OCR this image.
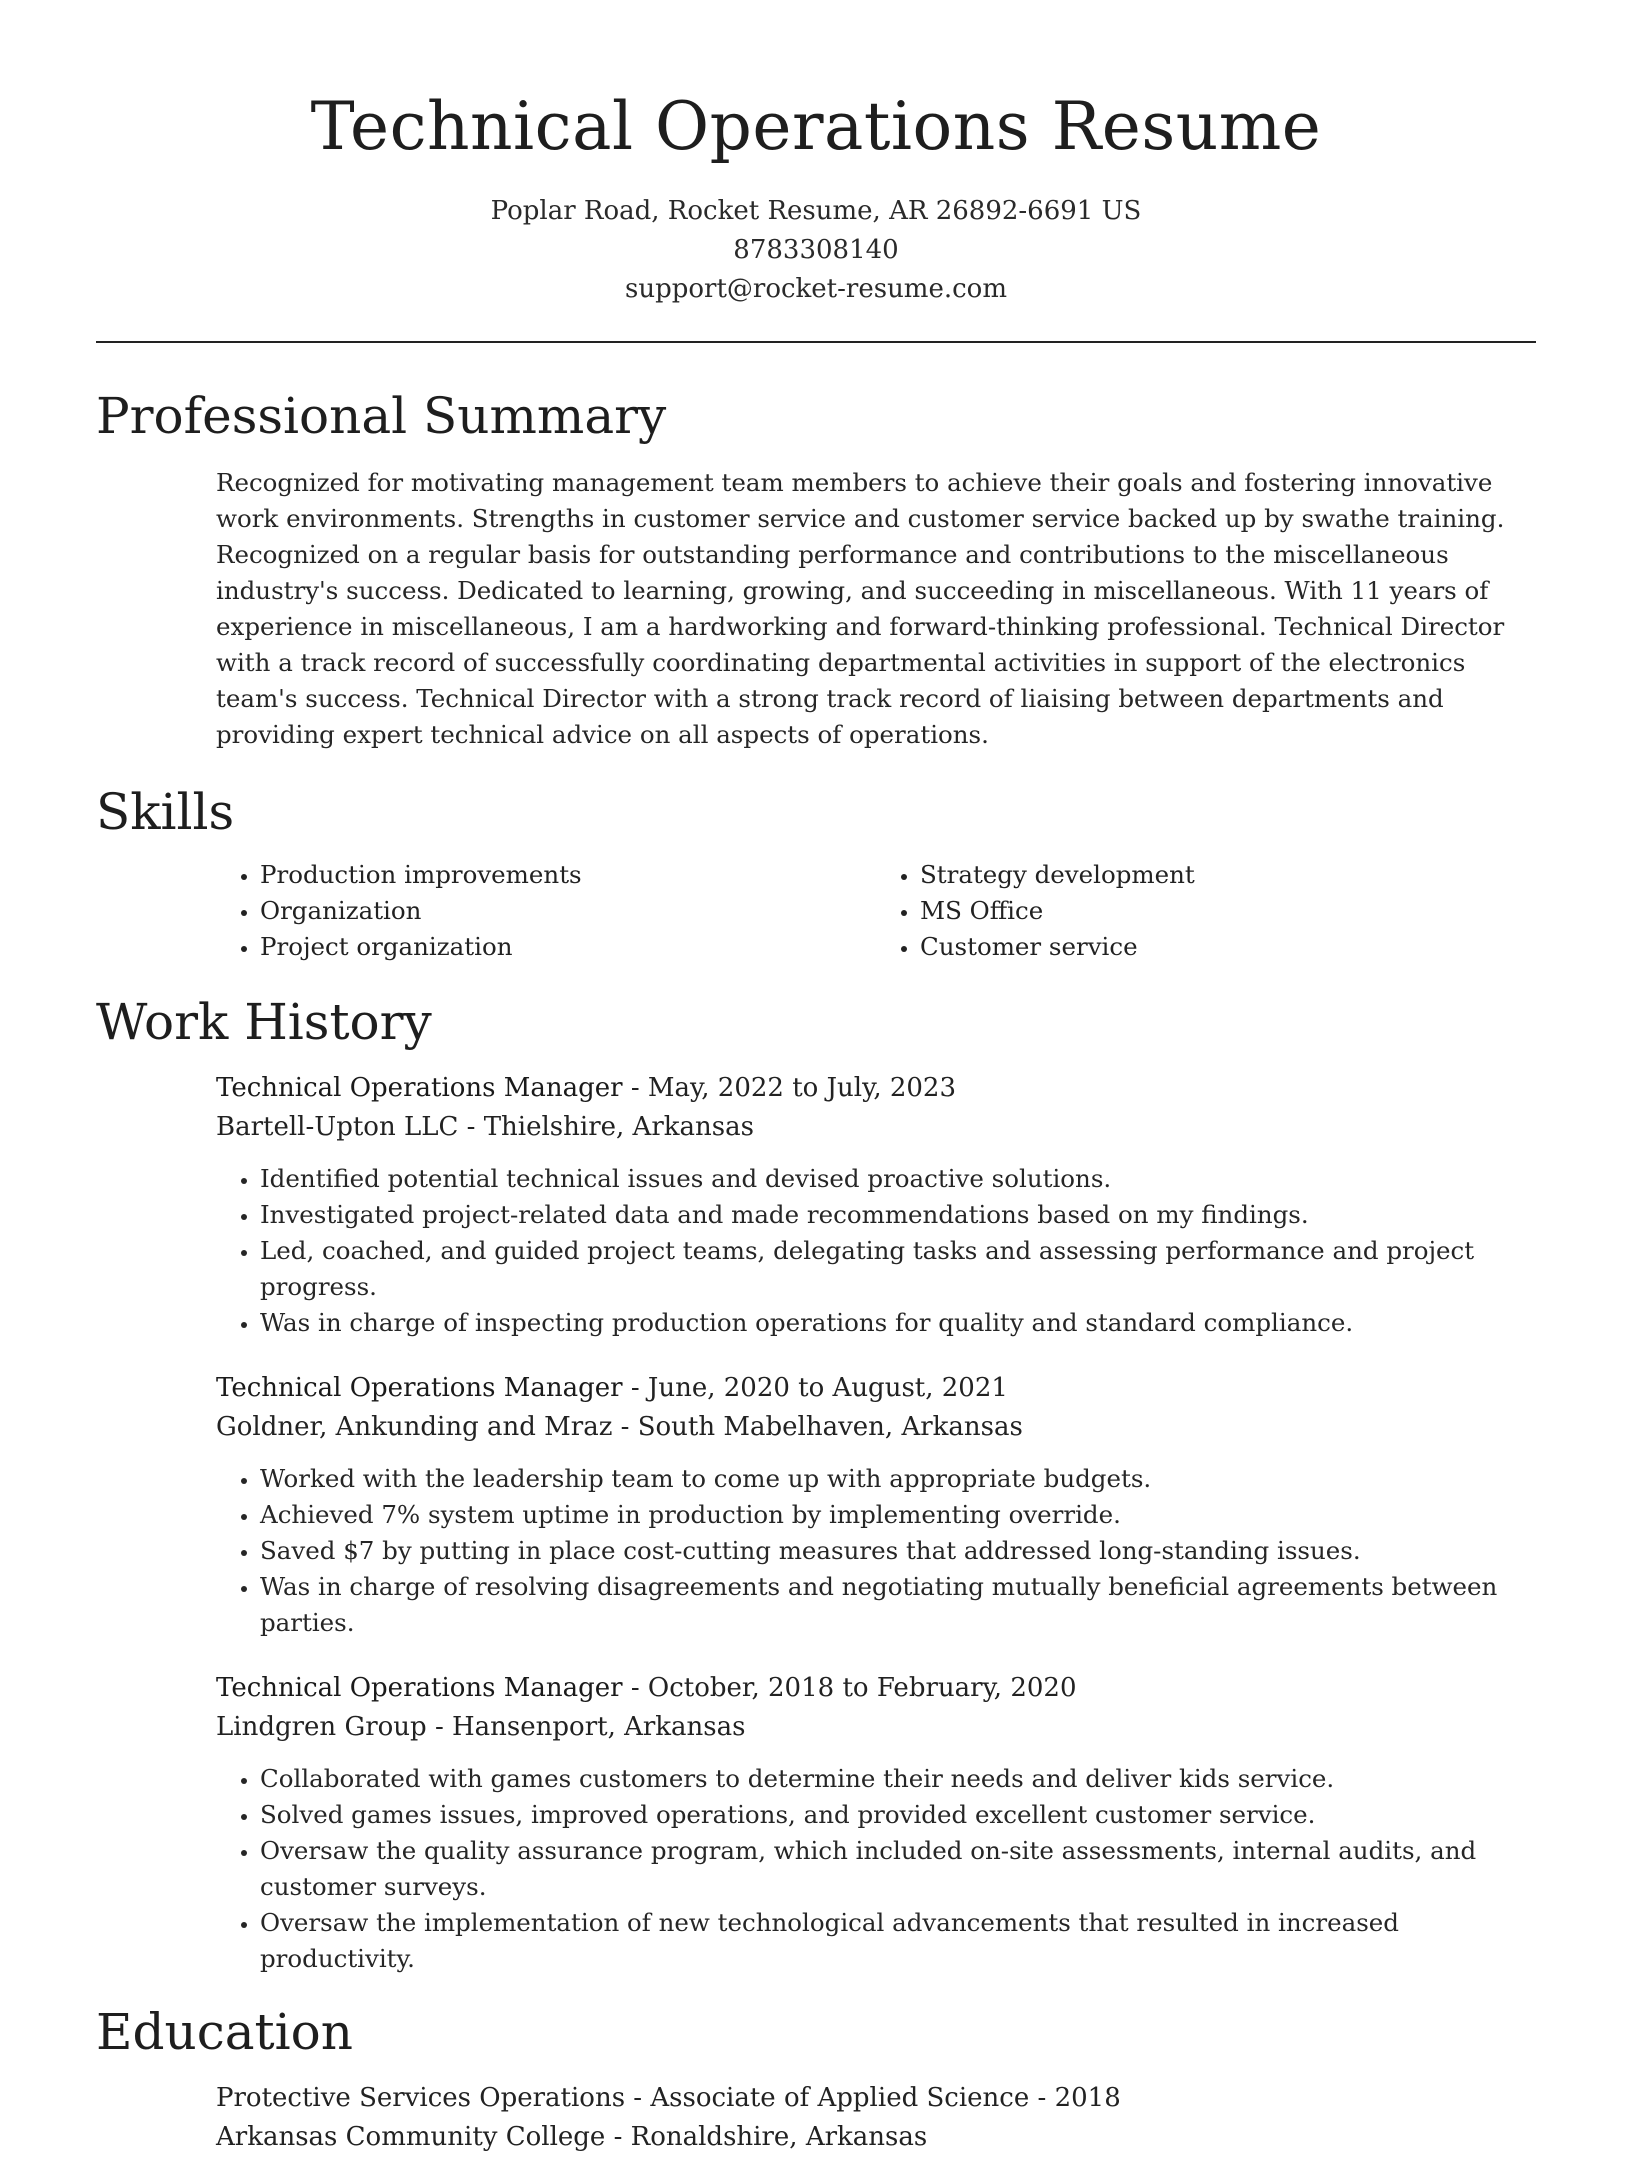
Technical Operations Resume
Poplar Road, Rocket Resume, AR 26892-6691 US
8783308140
support@rocket-resume.com
Professional Summary
Recognized for motivating management team members to achieve their goals and fostering innovative work environments. Strengths in customer service and customer service backed up by swathe training. Recognized on a regular basis for outstanding performance and contributions to the miscellaneous industry's success. Dedicated to learning, growing, and succeeding in miscellaneous. With 11 years of experience in miscellaneous, I am a hardworking and forward-thinking professional. Technical Director with a track record of successfully coordinating departmental activities in support of the electronics team's success. Technical Director with a strong track record of liaising between departments and providing expert technical advice on all aspects of operations.
Skills
• Production improvements
• Organization
• Project organization
• Strategy development
• MS Office
• Customer service
Work History
Technical Operations Manager - May, 2022 to July, 2023
Bartell-Upton LLC - Thielshire, Arkansas
• Identified potential technical issues and devised proactive solutions.
• Investigated project-related data and made recommendations based on my findings.
• Led, coached, and guided project teams, delegating tasks and assessing performance and project progress.
• Was in charge of inspecting production operations for quality and standard compliance.
Technical Operations Manager - June, 2020 to August, 2021
Goldner, Ankunding and Mraz - South Mabelhaven, Arkansas
• Worked with the leadership team to come up with appropriate budgets.
• Achieved 7% system uptime in production by implementing override.
• Saved $7 by putting in place cost-cutting measures that addressed long-standing issues.
• Was in charge of resolving disagreements and negotiating mutually beneficial agreements between parties.
Technical Operations Manager - October, 2018 to February, 2020
Lindgren Group - Hansenport, Arkansas
• Collaborated with games customers to determine their needs and deliver kids service.
• Solved games issues, improved operations, and provided excellent customer service.
• Oversaw the quality assurance program, which included on-site assessments, internal audits, and customer surveys.
• Oversaw the implementation of new technological advancements that resulted in increased productivity.
Education
Protective Services Operations - Associate of Applied Science - 2018
Arkansas Community College - Ronaldshire, Arkansas
